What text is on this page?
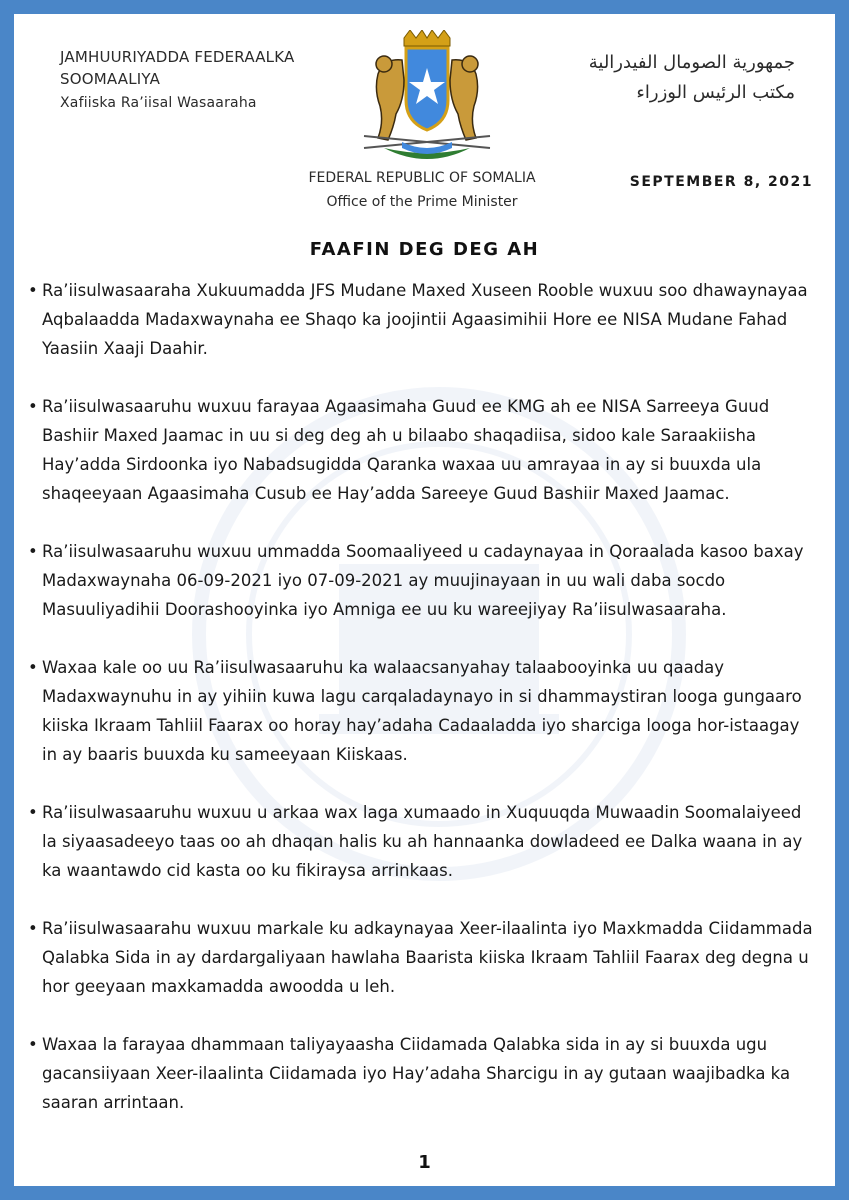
JAMHUURIYADDA FEDERAALKA
SOOMAALIYA
Xafiiska Ra’iisal Wasaaraha
جمهورية الصومال الفيدرالية
مكتب الرئيس الوزراء
FEDERAL REPUBLIC OF SOMALIA
Office of the Prime Minister
SEPTEMBER 8, 2021
FAAFIN DEG DEG AH
• Ra’iisulwasaaraha Xukuumadda JFS Mudane Maxed Xuseen Rooble wuxuu soo dhawaynayaa Aqbalaadda Madaxwaynaha ee Shaqo ka joojintii Agaasimihii Hore ee NISA Mudane Fahad Yaasiin Xaaji Daahir.
• Ra’iisulwasaaruhu wuxuu farayaa Agaasimaha Guud ee KMG ah ee NISA Sarreeya Guud Bashiir Maxed Jaamac in uu si deg deg ah u bilaabo shaqadiisa, sidoo kale Saraakiisha Hay’adda Sirdoonka iyo Nabadsugidda Qaranka waxaa uu amrayaa in ay si buuxda ula shaqeeyaan Agaasimaha Cusub ee Hay’adda Sareeye Guud Bashiir Maxed Jaamac.
• Ra’iisulwasaaruhu wuxuu ummadda Soomaaliyeed u cadaynayaa in Qoraalada kasoo baxay Madaxwaynaha 06-09-2021 iyo 07-09-2021 ay muujinayaan in uu wali daba socdo Masuuliyadihii Doorashooyinka iyo Amniga ee uu ku wareejiyay Ra’iisulwasaaraha.
• Waxaa kale oo uu Ra’iisulwasaaruhu ka walaacsanyahay talaabooyinka uu qaaday Madaxwaynuhu in ay yihiin kuwa lagu carqaladaynayo in si dhammaystiran looga gungaaro kiiska Ikraam Tahliil Faarax oo horay hay’adaha Cadaaladda iyo sharciga looga hor-istaagay in ay baaris buuxda ku sameeyaan Kiiskaas.
• Ra’iisulwasaaruhu wuxuu u arkaa wax laga xumaado in Xuquuqda Muwaadin Soomalaiyeed la siyaasadeeyo taas oo ah dhaqan halis ku ah hannaanka dowladeed ee Dalka waana in ay ka waantawdo cid kasta oo ku fikiraysa arrinkaas.
• Ra’iisulwasaarahu wuxuu markale ku adkaynayaa Xeer-ilaalinta iyo Maxkmadda Ciidammada Qalabka Sida in ay dardargaliyaan hawlaha Baarista kiiska Ikraam Tahliil Faarax deg degna u hor geeyaan maxkamadda awoodda u leh.
• Waxaa la farayaa dhammaan taliyayaasha Ciidamada Qalabka sida in ay si buuxda ugu gacansiiyaan Xeer-ilaalinta Ciidamada iyo Hay’adaha Sharcigu in ay gutaan waajibadka ka saaran arrintaan.
1
